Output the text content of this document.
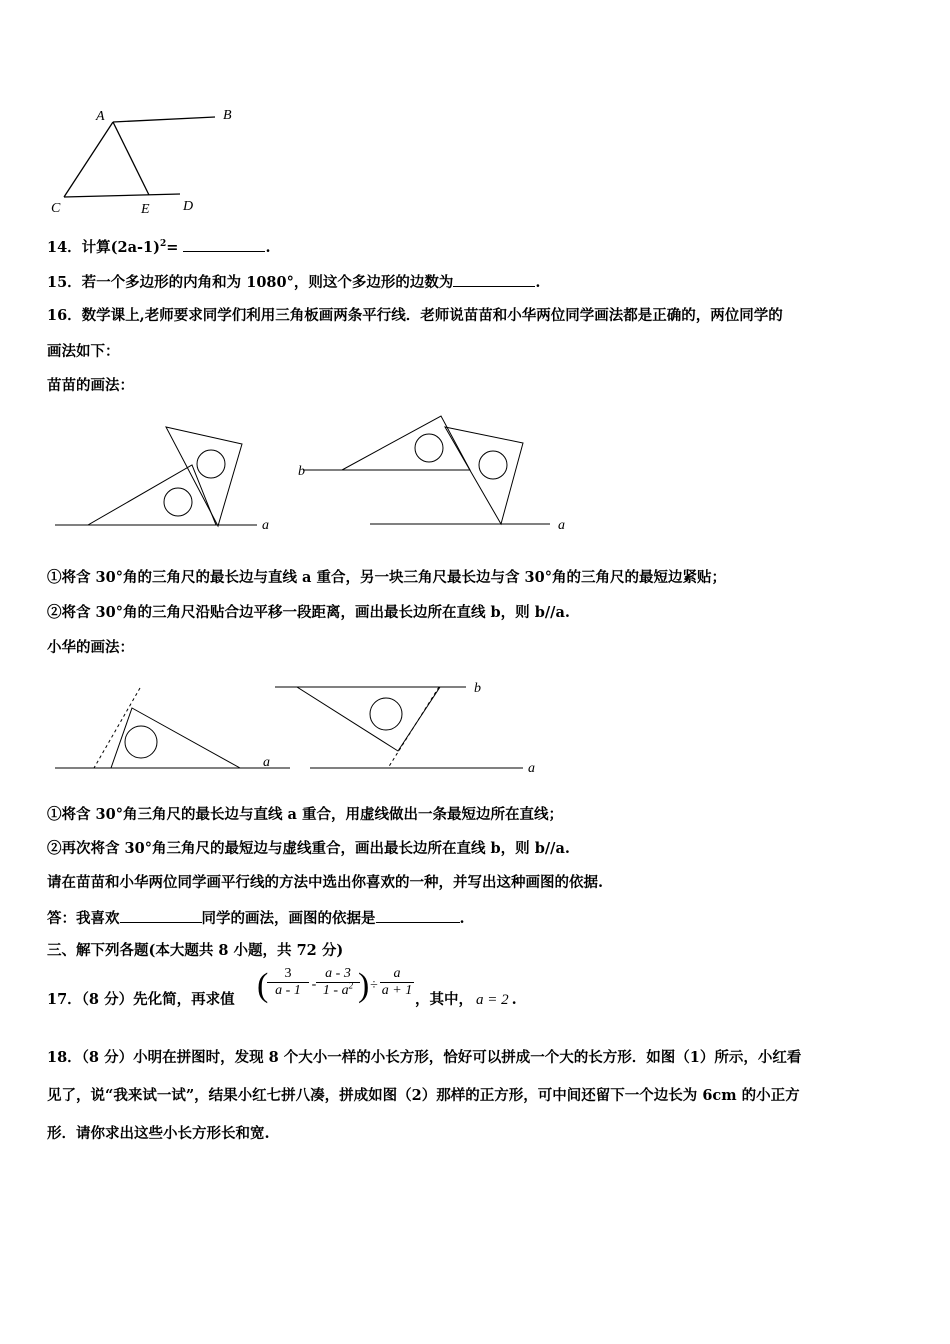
A	B
C	E D
14．计算$(2a-1)^2=$	.
15．若一个多边形的内角和为 1080°，则这个多边形的边数为	.
16．数学课上,老师要求同学们利用三角板画两条平行线．老师说苗苗和小华两位同学画法都是正确的，两位同学的
画法如下：
苗苗的画法：
a
b
a
①将含 30°角的三角尺的最长边与直线 a 重合，另一块三角尺最长边与含 30°角的三角尺的最短边紧贴；
②将含 30°角的三角尺沿贴合边平移一段距离，画出最长边所在直线 b，则 b//a.
小华的画法：
a
b
a
①将含 30°角三角尺的最长边与直线 a 重合，用虚线做出一条最短边所在直线；
②再次将含 30°角三角尺的最短边与虚线重合，画出最长边所在直线 b，则 b//a.
请在苗苗和小华两位同学画平行线的方法中选出你喜欢的一种，并写出这种画图的依据.
答：我喜欢	同学的画法，画图的依据是	.
三、解下列各题(本大题共 8 小题，共 72 分)
17．（8 分）先化简，再求值 (
$\frac{3}{a - 1} - \frac{a - 3}{1 - a^2}$
) ÷ $\frac{a}{a + 1}$
，其中， a = 2 .
18．（8 分）小明在拼图时，发现 8 个大小一样的小长方形，恰好可以拼成一个大的长方形．如图（1）所示，小红看
见了，说“我来试一试”，结果小红七拼八凑，拼成如图（2）那样的正方形，可中间还留下一个边长为 6cm 的小正方
形．请你求出这些小长方形长和宽.
